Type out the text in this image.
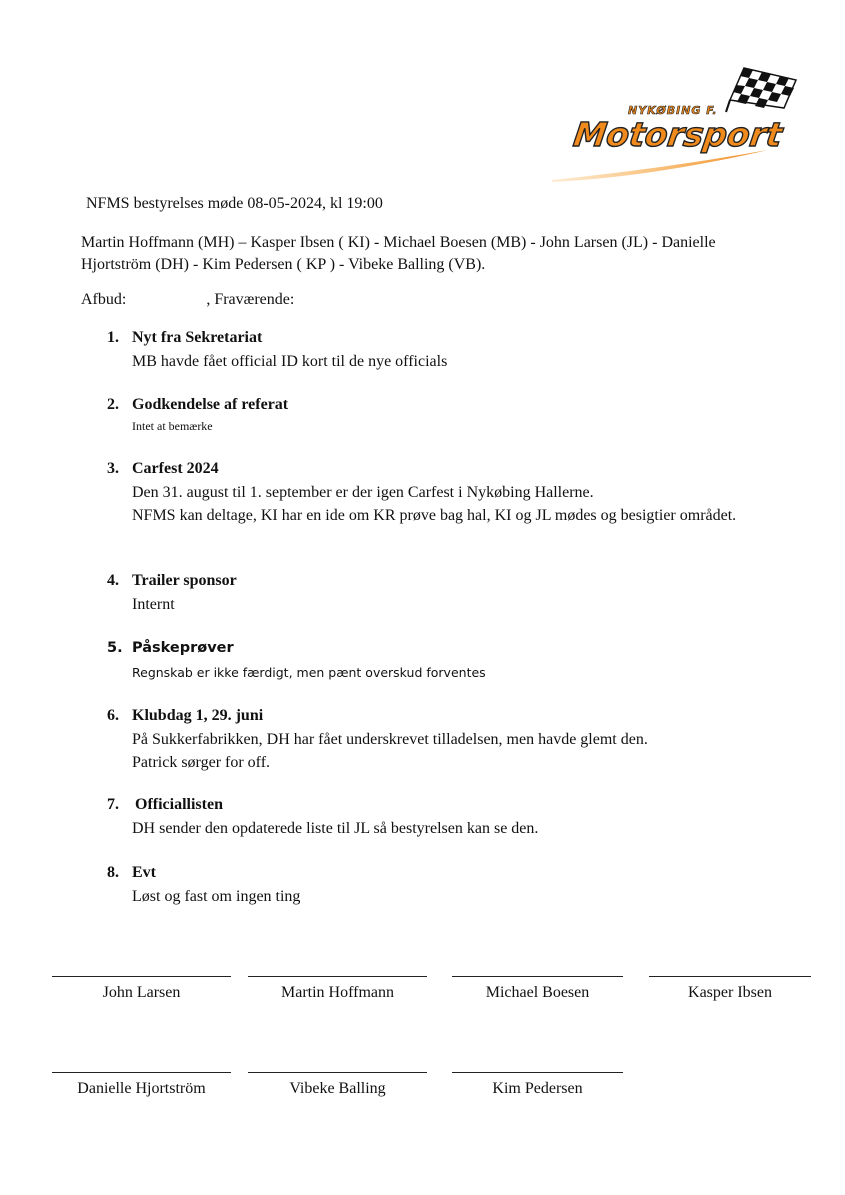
NYKØBING F.
Motorsport
NFMS bestyrelses møde 08-05-2024, kl 19:00
Martin Hoffmann (MH) – Kasper Ibsen ( KI) - Michael Boesen (MB) - John Larsen (JL) - Danielle Hjortström (DH) - Kim Pedersen ( KP ) - Vibeke Balling (VB).
Afbud:	, Fraværende:
1. Nyt fra Sekretariat

MB havde fået official ID kort til de nye officials

2. Godkendelse af referat

Intet at bemærke

3. Carfest 2024

Den 31. august til 1. september er der igen Carfest i Nykøbing Hallerne.

NFMS kan deltage, KI har en ide om KR prøve bag hal, KI og JL mødes og besigtier området.

4. Trailer sponsor

Internt

5. Påskeprøver

Regnskab er ikke færdigt, men pænt overskud forventes

6. Klubdag 1, 29. juni

På Sukkerfabrikken, DH har fået underskrevet tilladelsen, men havde glemt den.

Patrick sørger for off.

7. Officiallisten

DH sender den opdaterede liste til JL så bestyrelsen kan se den.

8. Evt

Løst og fast om ingen ting

John Larsen	Martin Hoffmann	Michael Boesen	Kasper Ibsen
Danielle Hjortström	Vibeke Balling	Kim Pedersen
